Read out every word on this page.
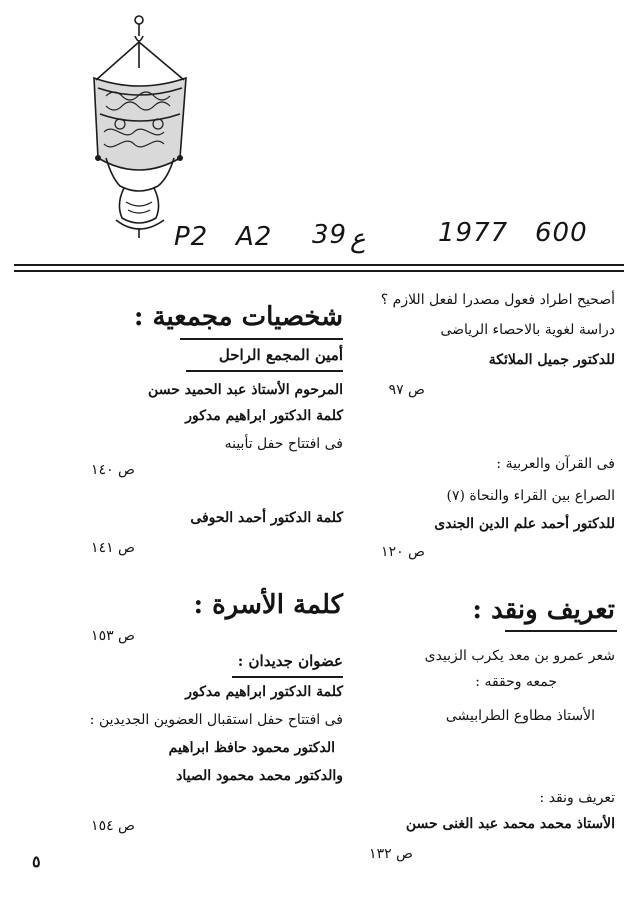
P2 A2 39 ع	1977 600
أصحيح اطراد فعول مصدرا لفعل اللازم ؟
دراسة لغوية بالاحصاء الرياضى
للدكتور جميل الملائكة
ص ٩٧
فى القرآن والعربية :
الصراع بين القراء والنحاة (٧)
للدكتور أحمد علم الدين الجندى
ص ١٢٠
تعريف ونقد :
شعر عمرو بن معد يكرب الزبيدى
جمعه وحققه :
الأستاذ مطاوع الطرابيشى
تعريف ونقد :
الأستاذ محمد محمد عبد الغنى حسن
ص ١٣٢
شخصيات مجمعية :
أمين المجمع الراحل
المرحوم الأستاذ عبد الحميد حسن
كلمة الدكتور ابراهيم مدكور
فى افتتاح حفل تأبينه
ص ١٤٠
كلمة الدكتور أحمد الحوفى
ص ١٤١
كلمة الأسرة :
ص ١٥٣
عضوان جديدان :
كلمة الدكتور ابراهيم مدكور
فى افتتاح حفل استقبال العضوين الجديدين :
الدكتور محمود حافظ ابراهيم
والدكتور محمد محمود الصياد
ص ١٥٤
٥
